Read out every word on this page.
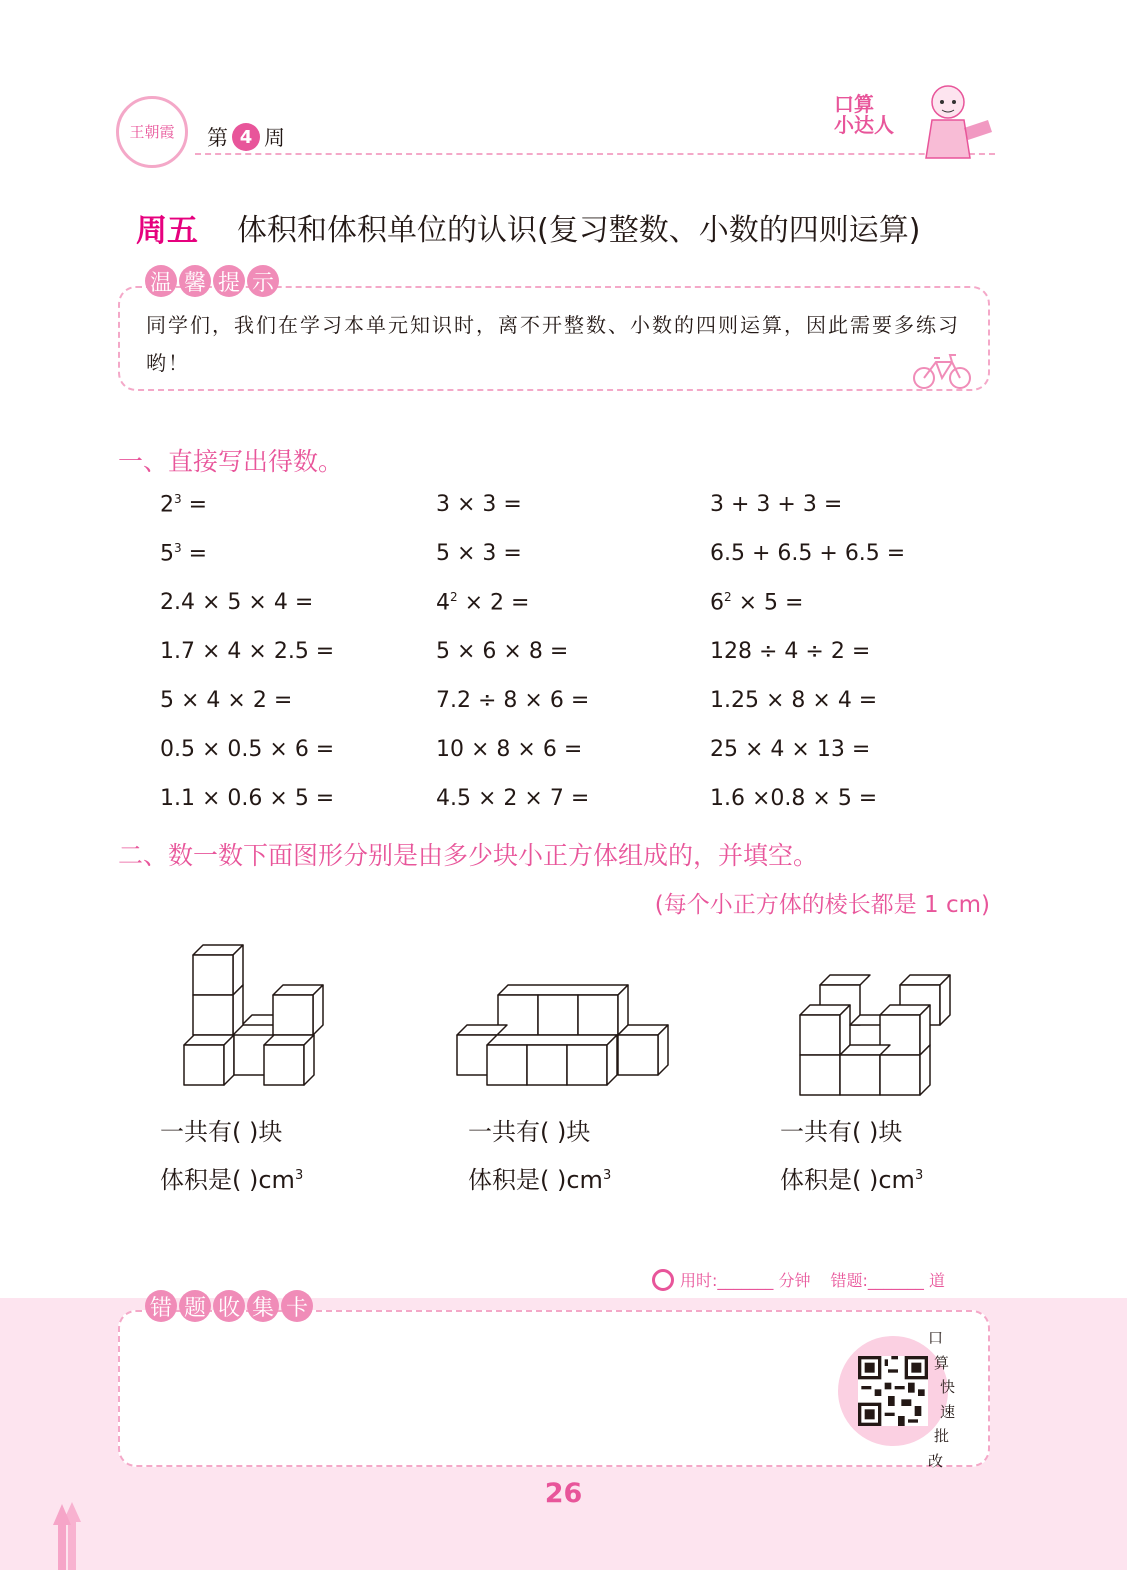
王朝霞	第 4 周
口算
小达人
周五 体积和体积单位的认识(复习整数、小数的四则运算)
温 馨 提 示
同学们，我们在学习本单元知识时，离不开整数、小数的四则运算，因此需要多练习哟！
一、直接写出得数。
$2^3$ =	3 × 3 =	3 + 3 + 3 =
$5^3$ =	5 × 3 =	6.5 + 6.5 + 6.5 =
2.4 × 5 × 4 =	$4^2 \times 2$ =	$6^2 \times 5$ =
1.7 × 4 × 2.5 =	5 × 6 × 8 =	128 ÷ 4 ÷ 2 =
5 × 4 × 2 =	7.2 ÷ 8 × 6 =	1.25 × 8 × 4 =
0.5 × 0.5 × 6 =	10 × 8 × 6 =	25 × 4 × 13 =
1.1 × 0.6 × 5 =	4.5 × 2 × 7 =	1.6 ×0.8 × 5 =
二、数一数下面图形分别是由多少块小正方体组成的，并填空。
(每个小正方体的棱长都是 1 cm)
一共有( )块
体积是( )$cm^3$
一共有( )块
体积是( )$cm^3$
一共有( )块
体积是( )$cm^3$
用时:_______ 分钟 错题:_______ 道
错 题 收 集 卡
口
算
快
速
批
改
26
